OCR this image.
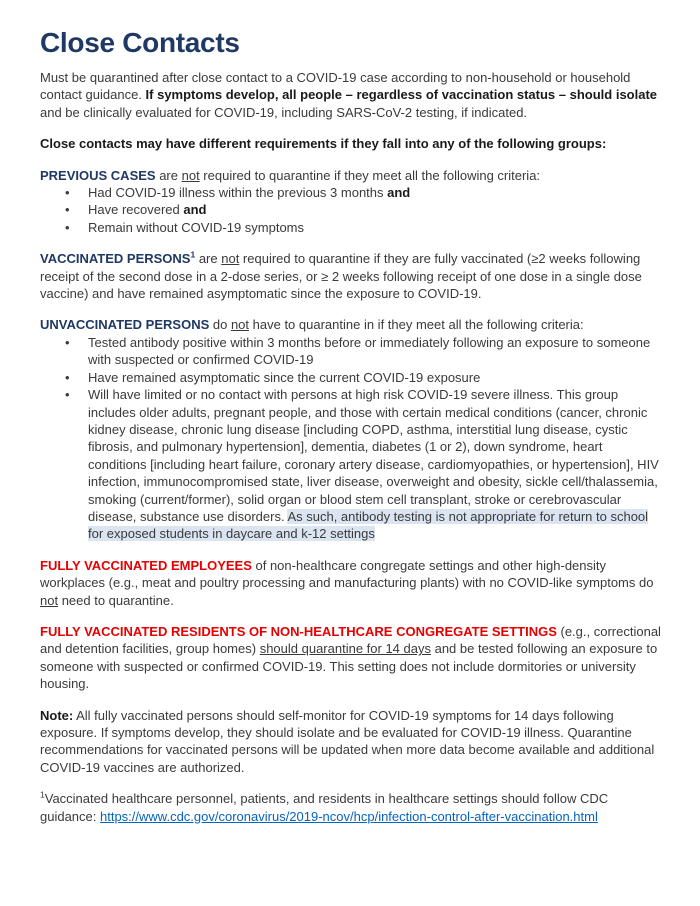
Close Contacts

Must be quarantined after close contact to a COVID-19 case according to non-household or household contact guidance. If symptoms develop, all people – regardless of vaccination status – should isolate and be clinically evaluated for COVID-19, including SARS-CoV-2 testing, if indicated.

Close contacts may have different requirements if they fall into any of the following groups:

PREVIOUS CASES are not required to quarantine if they meet all the following criteria:

• Had COVID-19 illness within the previous 3 months and
• Have recovered and
• Remain without COVID-19 symptoms

VACCINATED PERSONS$^1$ are not required to quarantine if they are fully vaccinated (≥2 weeks following receipt of the second dose in a 2-dose series, or ≥ 2 weeks following receipt of one dose in a single dose vaccine) and have remained asymptomatic since the exposure to COVID-19.

UNVACCINATED PERSONS do not have to quarantine in if they meet all the following criteria:

• Tested antibody positive within 3 months before or immediately following an exposure to someone with suspected or confirmed COVID-19
• Have remained asymptomatic since the current COVID-19 exposure
• Will have limited or no contact with persons at high risk COVID-19 severe illness. This group includes older adults, pregnant people, and those with certain medical conditions (cancer, chronic kidney disease, chronic lung disease [including COPD, asthma, interstitial lung disease, cystic fibrosis, and pulmonary hypertension], dementia, diabetes (1 or 2), down syndrome, heart conditions [including heart failure, coronary artery disease, cardiomyopathies, or hypertension], HIV infection, immunocompromised state, liver disease, overweight and obesity, sickle cell/thalassemia, smoking (current/former), solid organ or blood stem cell transplant, stroke or cerebrovascular disease, substance use disorders. As such, antibody testing is not appropriate for return to school for exposed students in daycare and k-12 settings

FULLY VACCINATED EMPLOYEES of non-healthcare congregate settings and other high-density workplaces (e.g., meat and poultry processing and manufacturing plants) with no COVID-like symptoms do not need to quarantine.

FULLY VACCINATED RESIDENTS OF NON-HEALTHCARE CONGREGATE SETTINGS (e.g., correctional and detention facilities, group homes) should quarantine for 14 days and be tested following an exposure to someone with suspected or confirmed COVID-19. This setting does not include dormitories or university housing.

Note: All fully vaccinated persons should self-monitor for COVID-19 symptoms for 14 days following exposure. If symptoms develop, they should isolate and be evaluated for COVID-19 illness. Quarantine recommendations for vaccinated persons will be updated when more data become available and additional COVID-19 vaccines are authorized.

$^1$Vaccinated healthcare personnel, patients, and residents in healthcare settings should follow CDC guidance: https://www.cdc.gov/coronavirus/2019-ncov/hcp/infection-control-after-vaccination.html
